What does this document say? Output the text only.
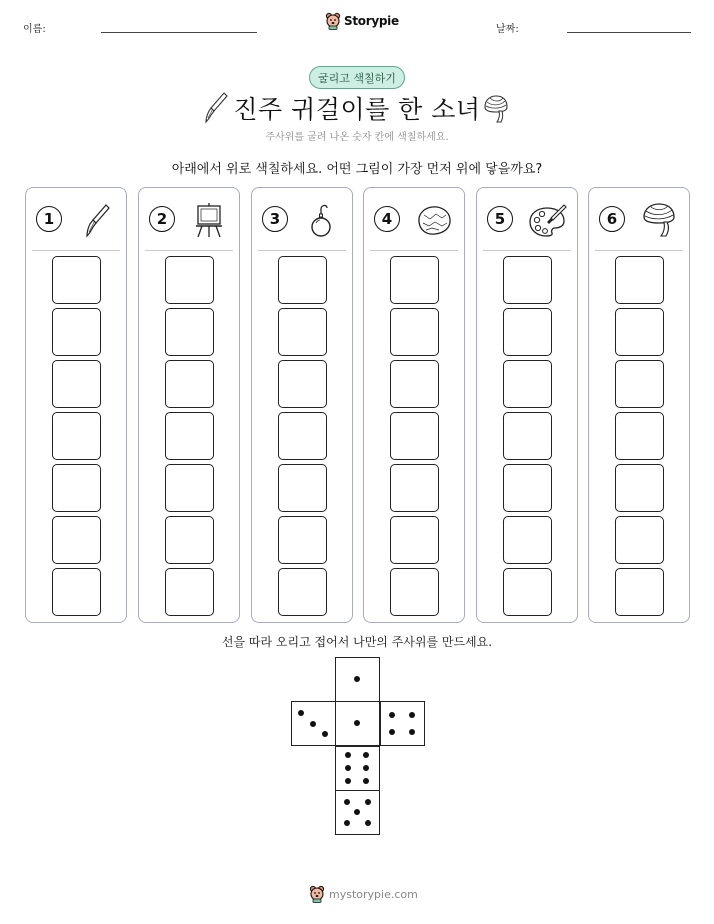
이름:
Storypie
날짜:
굴리고 색칠하기
진주 귀걸이를 한 소녀
주사위를 굴려 나온 숫자 칸에 색칠하세요.
아래에서 위로 색칠하세요. 어떤 그림이 가장 먼저 위에 닿을까요?
1	2	3	4	5	6
선을 따라 오리고 접어서 나만의 주사위를 만드세요.
mystorypie.com
